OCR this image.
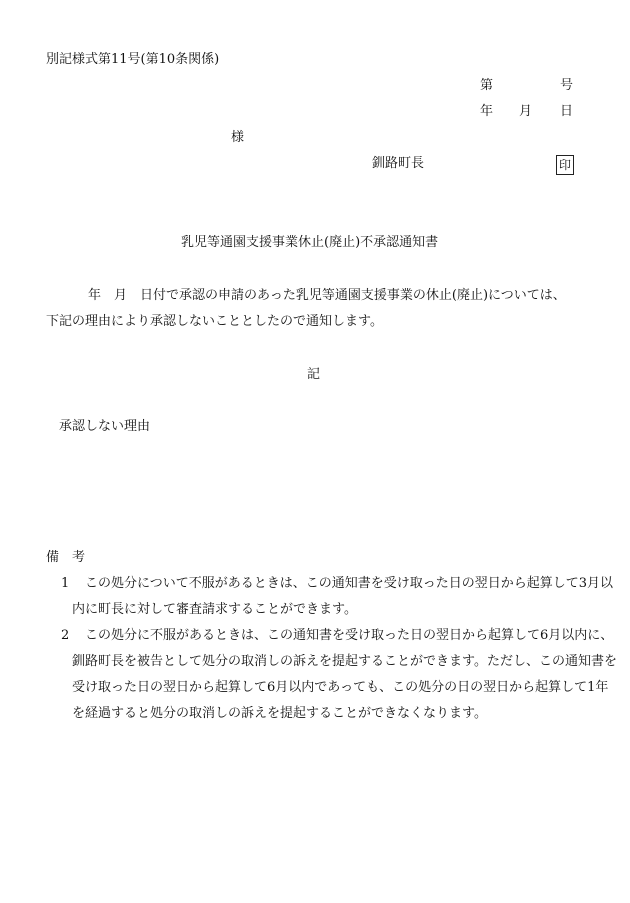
別記様式第11号(第10条関係)
第	号
年 月 日
様
釧路町長	印
乳児等通園支援事業休止(廃止)不承認通知書
年　月　日付で承認の申請のあった乳児等通園支援事業の休止(廃止)については、
下記の理由により承認しないこととしたので通知します。
記
承認しない理由
備　考
1 この処分について不服があるときは、この通知書を受け取った日の翌日から起算して3月以
内に町長に対して審査請求することができます。
2 この処分に不服があるときは、この通知書を受け取った日の翌日から起算して6月以内に、
釧路町長を被告として処分の取消しの訴えを提起することができます。ただし、この通知書を
受け取った日の翌日から起算して6月以内であっても、この処分の日の翌日から起算して1年
を経過すると処分の取消しの訴えを提起することができなくなります。
